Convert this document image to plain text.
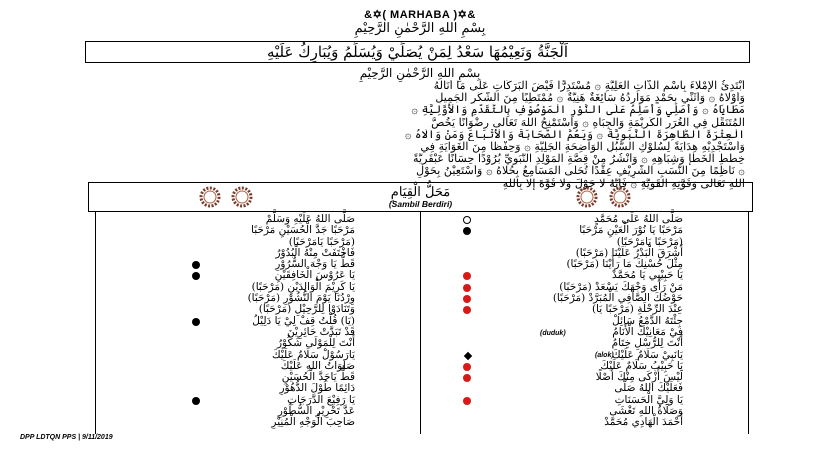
&✡( MARHABA )✡&
بِسْمِ اللهِ الرَّحْمٰنِ الرَّحِيْمِ
اَلْجَنَّةُ وَنَعِيْمُهَا سَعْدُ لِمَنْ يُصَلِّيْ وَيُسَلِّمُ وَيُبَارِكُ عَلَيْهِ
بِسْمِ اللهِ الرَّحْمٰنِ الرَّحِيْمِ
أَبْتَدِئُ الْإِمْلَاءَ بِاسْمِ الذَّاتِ الْعَلِيَّةِ ۞ مُسْتَدِرًّا فَيْضَ الْبَرَكَاتِ عَلَى مَا أَنَالَهُ
وَأَوْلَاهُ ۞ وَأُثَنِّي بِحَمْدٍ مَوَارِدُهُ سَائِغَةٌ هَنِيَّةٌ ۞ مُمْتَطِيًا مِنَ الشُّكْرِ الْجَمِيلِ
مَطَايَاهُ ۞ وَأُصَلِّي وَأُسَلِّمُ عَلَى النُّوْرِ الْمَوْصُوْفِ بِالتَّقَدُّمِ وَالْأَوَّلِيَّةِ ۞
الْمُتَنَقِّلِ فِي الْغُرَرِ الْكَرِيْمَةِ وَالْجِبَاهِ ۞ وَأَسْتَمْنِحُ اللهَ تَعَالَى رِضْوَانًا يَخُصُّ
الْعِتْرَةَ الطَّاهِرَةَ النَّبَوِيَّةَ ۞ وَيَعُمُّ الصَّحَابَةَ وَالْأَتْبَاعَ وَمَنْ وَالَاهُ ۞
وَأَسْتَجْدِيْهِ هِدَايَةً لِسُلُوْكِ السُّبُلِ الْوَاضِحَةِ الْجَلِيَّةِ ۞ وَحِفْظًا مِنَ الْغَوَايَةِ فِي
خِطَطِ الْخَطَإِ وَشِبَاهِهِ ۞ وَأَنْشُرُ مِنْ قِصَّةِ الْمَوْلِدِ النَّبَوِيِّ بُرُوْدًا حِسَانًا عَبْقَرِيَّةً
۞ نَاظِمًا مِنَ النَّسَبِ الشَّرِيْفِ عِقْدًا تُحَلَّى الْمَسَامِعُ بِحُلَاهُ ۞ وَأَسْتَعِيْنُ بِحَوْلِ
اللهِ تَعَالَى وَقُوَّتِهِ الْقَوِيَّةِ ۞ فَإِنَّهُ لَا حَوْلَ وَلَا قُوَّةَ إِلَّا بِاللهِ
مَحَلُّ الْقِيَامِ
(Sambil Berdiri)
صَلَّى اللهُ عَلَيْهِ وَسَلَّمْ
مَرْحَبًا جَدَّ الْحُسَيْنِ مَرْحَبًا
(مَرْحَبًا يَامَرْحَبًا)
فَاخْتَفَتْ مِنْهُ الْبُدُوْرُ
قَطُّ يَا وَجْهَ السُّرُوْرِ
يَا عَرُوْسَ الْخَافِقَيْنِ
يَا كَرِيْمَ الْوَالِدَيْنِ (مَرْحَبًا)
وِرْدُنَا يَوْمَ النُّشُوْرِ (مَرْحَبًا)
وَتَنَادَوْا لِلرَّحِيْلِ (مَرْحَبًا)
(يَا) قُلْتُ قِفْ لِيْ يَا دَلِيْلُ
قَدْ تَبَدَّتْ حَائِرِيْنَ
أَنْتَ لِلْمَوْلَى شَكُوْرُ
يَارَسُوْلْ سَلَامٌ عَلَيْكَ
صَلَوَاتُ اللهِ عَلَيْكَ
قَطُّ يَاجَدَّ الْحُسَيْنِ
دَائِمًا طُوْلَ الدُّهُوْرِ
يَا رَفِيْعَ الدَّرَجَاتِ
عَدَّ تَحْرِيْرِ السُّطُوْرِ
صَاحِبَ الْوَجْهِ الْمُنِيْرِ
صَلَّى اللهُ عَلَى مُحَمَّدٍ
مَرْحَبًا يَا نُوْرَ الْعَيْنِ مَرْحَبًا
(مَرْحَبًا يَامَرْحَبًا)
أَشْرَقَ الْبَدْرُ عَلَيْنَا (مَرْحَبًا)
مِثْلَ حُسْنِكَ مَا رَأَيْنَا (مَرْحَبًا)
يَا حَبِيْبِي يَا مُحَمَّدْ
مَنْ رَأَى وَجْهَكَ يَسْعَدْ (مَرْحَبًا)
حَوْضُكَ الصَّافِي الْمُبَرَّدْ (مَرْحَبًا)
عِنْدَ الرِّحْلَةِ (مَرْحَبًا يَا)
جِئْتَهُ الدَّمْعُ سَائِلْ
فِيْ مَعَانِيْكَ الْأَنَامُ
أَنْتَ لِلرُّسْلِ خِتَامُ
يَانَبِيْ سَلَامٌ عَلَيْكَ
يَا حَبِيْبُ سَلَامٌ عَلَيْكَ
لَيْسَ أَزْكَى مِنْكَ أَصْلًا
فَعَلَيْكَ اللهُ صَلَّى
يَا وَلِيَّ الْحَسَنَاتِ
وَصَلَاةُ اللهِ تَغْشَى
أَحْمَدَ الْهَادِي مُحَمَّدْ
(duduk)
(alok)
DPP LDTQN PPS | 9/11/2019
